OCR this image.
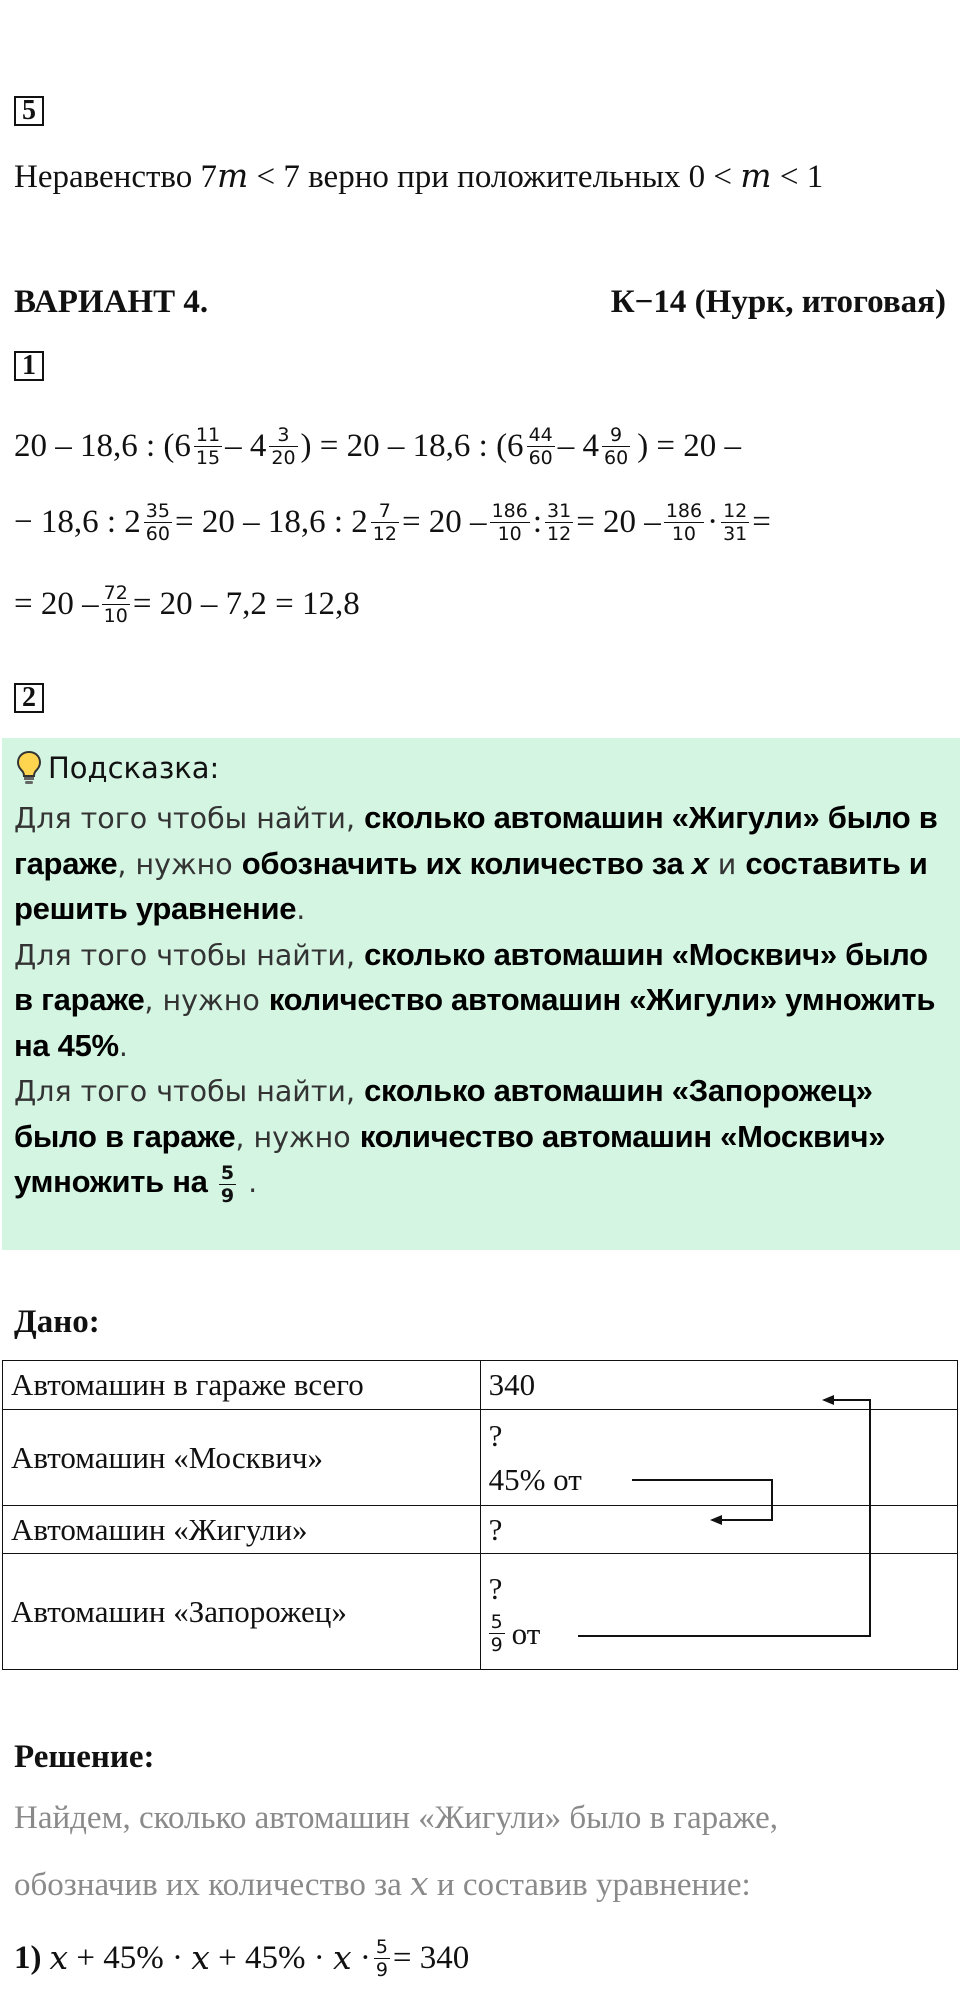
5
Неравенство 7m < 7 верно при положительных 0 < m < 1
ВАРИАНТ 4.	К−14 (Нурк, итоговая)
1
20 – 18,6 : ($6 \frac{11}{15} - 4 \frac{3}{20}$ ) = 20 – 18,6 : ($6 \frac{44}{60} - 4 \frac{9}{60}$ ) = 20 –
− 18,6 : $2 \frac{35}{60} = 20 - 18,6$ : $2 \frac{7}{12} = 20 - \frac{186}{10}$ : $\frac{31}{12} = 20 - \frac{186}{10} \cdot \frac{12}{31}$ =
= $20 - \frac{72}{10} = 20 - 7,2 = 12,8$
2
Подсказка:
Для того чтобы найти, сколько автомашин «Жигули» было в гараже, нужно обозначить их количество за x и составить и решить уравнение.
Для того чтобы найти, сколько автомашин «Москвич» было в гараже, нужно количество автомашин «Жигули» умножить на 45%.
Для того чтобы найти, сколько автомашин «Запорожец» было в гараже, нужно количество автомашин «Москвич» умножить на $\frac{5}{9}$ .
Дано:
Автомашин в гараже всего	340
Автомашин «Москвич»	?
45% от

Автомашин «Жигули»	?
Автомашин «Запорожец»	?
$\frac{5}{9}$ от
Решение:
Найдем, сколько автомашин «Жигули» было в гараже,
обозначив их количество за x и составив уравнение:
1) $x + 45\% \cdot x + 45\% \cdot x \cdot \frac{5}{9} = 340$
